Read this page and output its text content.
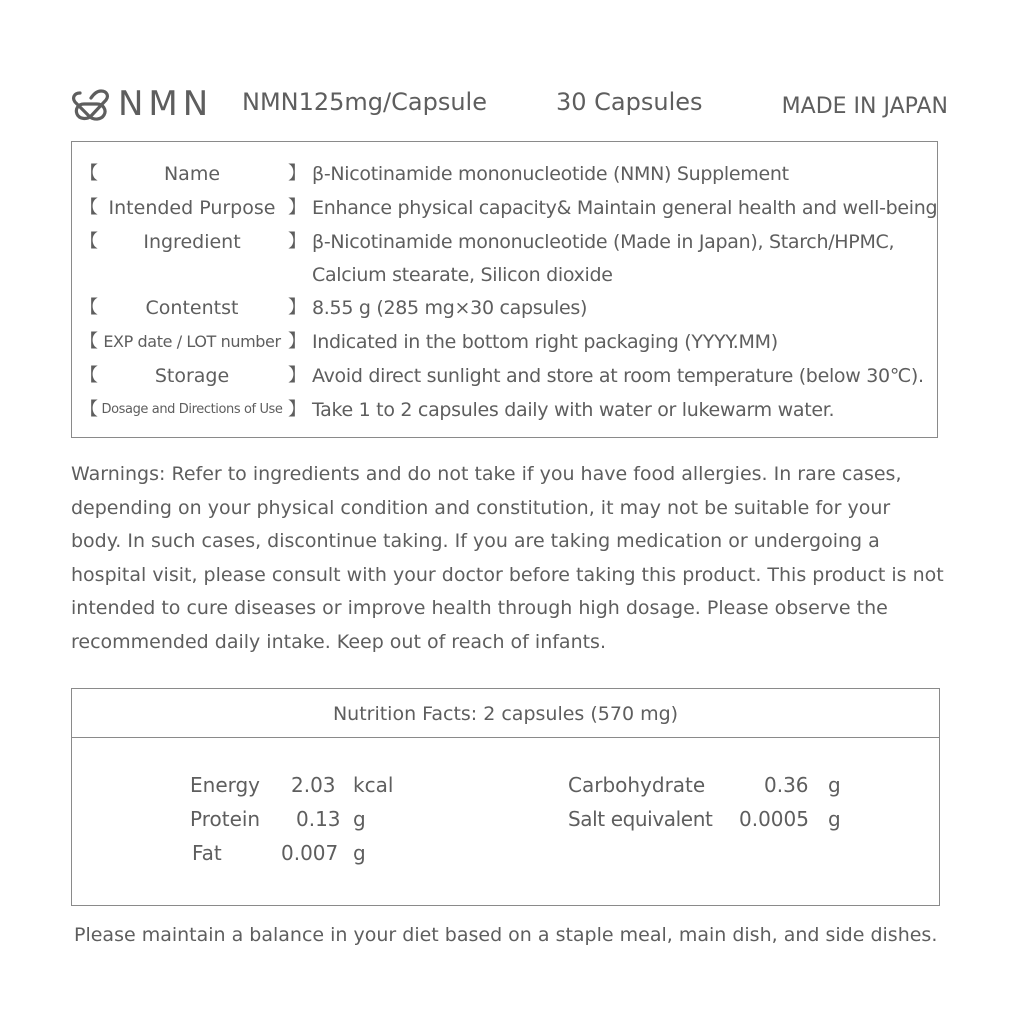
NMN NMN125mg/Capsule	30 Capsules	MADE IN JAPAN
【	Name	】 β-Nicotinamide mononucleotide (NMN) Supplement
【 Intended Purpose 】 Enhance physical capacity& Maintain general health and well-being
【	Ingredient	】 β-Nicotinamide mononucleotide (Made in Japan), Starch/HPMC,
Calcium stearate, Silicon dioxide
【	Contentst	】 8.55 g (285 mg×30 capsules)
【 EXP date / LOT number 】 Indicated in the bottom right packaging (YYYY.MM)
【	Storage	】 Avoid direct sunlight and store at room temperature (below 30℃).
【 Dosage and Directions of Use 】 Take 1 to 2 capsules daily with water or lukewarm water.
Warnings: Refer to ingredients and do not take if you have food allergies. In rare cases, depending on your physical condition and constitution, it may not be suitable for your body. In such cases, discontinue taking. If you are taking medication or undergoing a hospital visit, please consult with your doctor before taking this product. This product is not intended to cure diseases or improve health through high dosage. Please observe the recommended daily intake. Keep out of reach of infants.
Nutrition Facts: 2 capsules (570 mg)
Energy 2.03 kcal
Protein 0.13 g
Fat	0.007 g
Carbohydrate	0.36 g
Salt equivalent 0.0005 g
Please maintain a balance in your diet based on a staple meal, main dish, and side dishes.
